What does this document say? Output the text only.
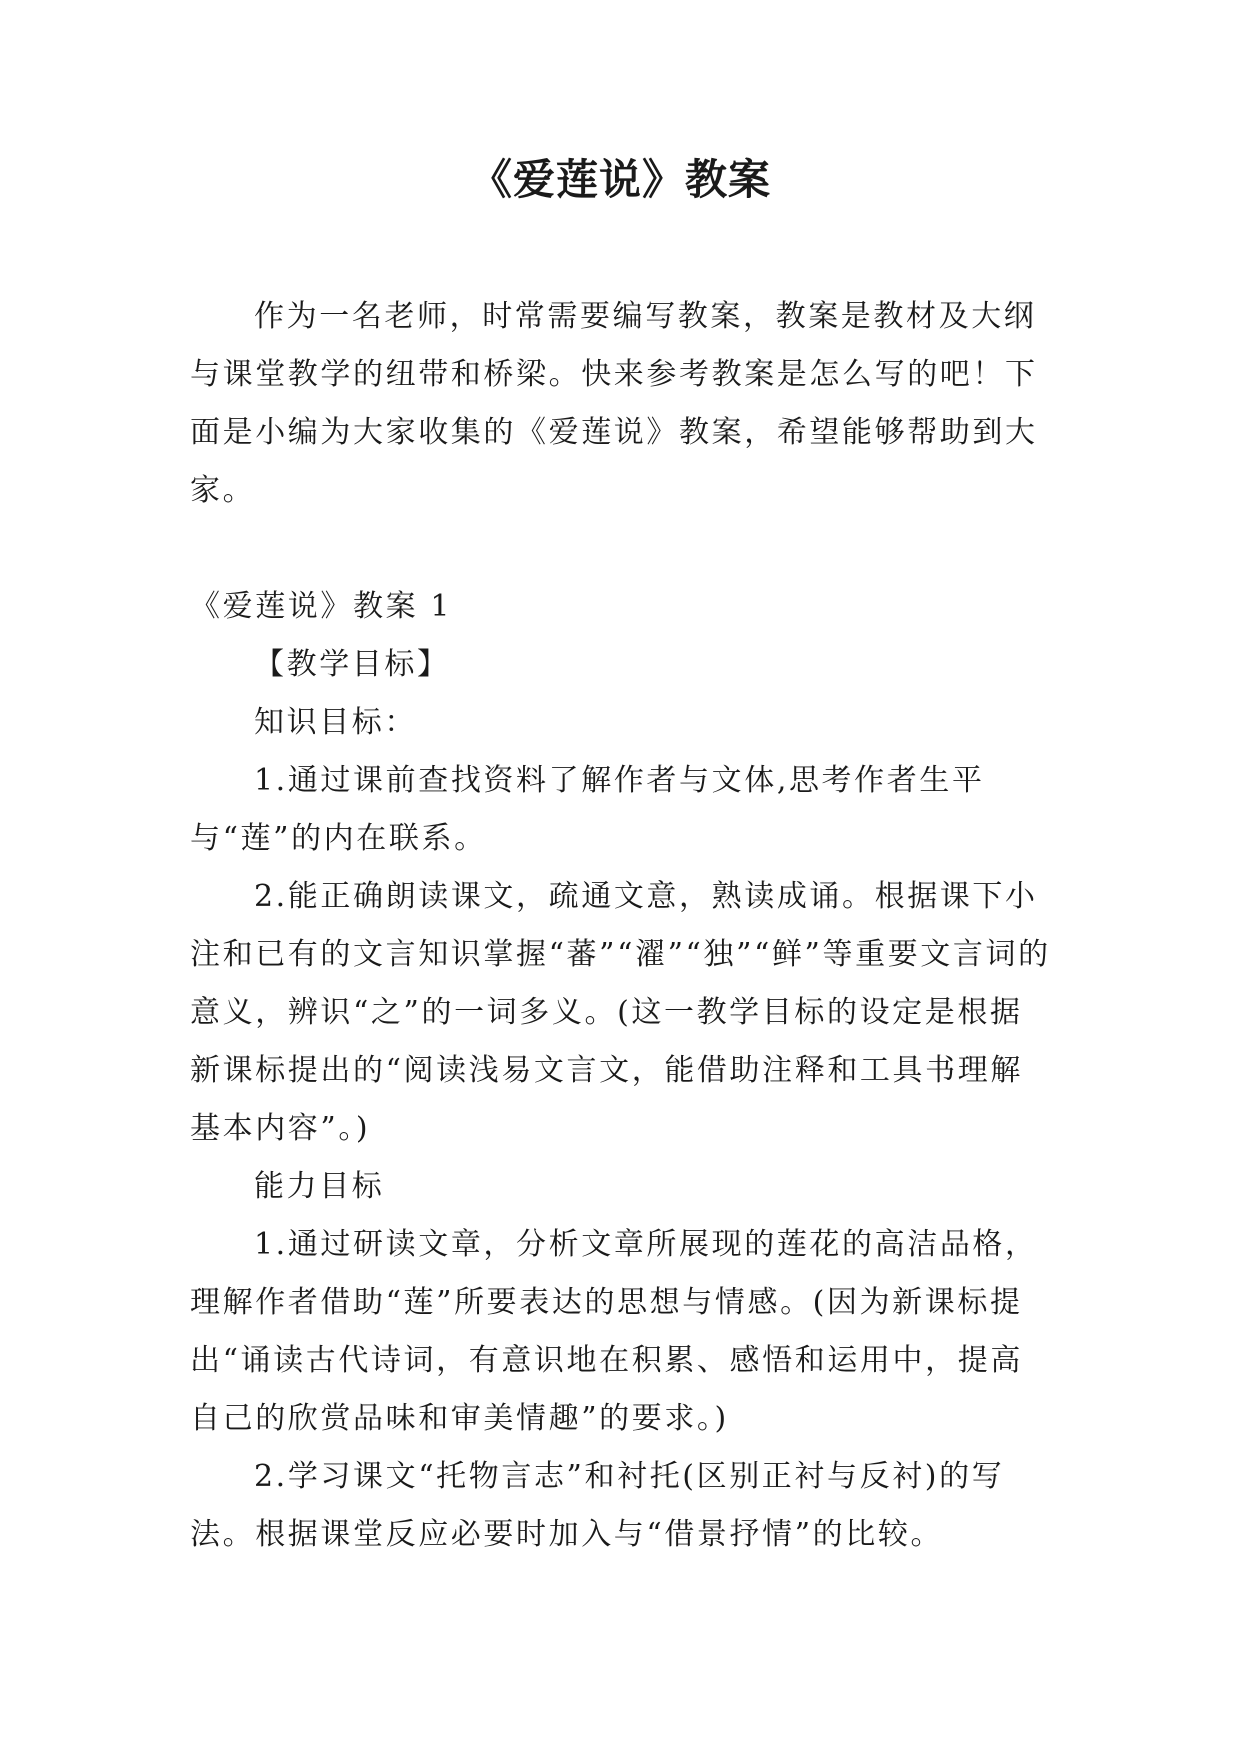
《爱莲说》教案

作为一名老师，时常需要编写教案，教案是教材及大纲与课堂教学的纽带和桥梁。快来参考教案是怎么写的吧！下面是小编为大家收集的《爱莲说》教案，希望能够帮助到大家。

《爱莲说》教案 1

【教学目标】

知识目标：

1.通过课前查找资料了解作者与文体,思考作者生平与“莲”的内在联系。

2.能正确朗读课文，疏通文意，熟读成诵。根据课下小注和已有的文言知识掌握“蕃”“濯”“独”“鲜”等重要文言词的意义，辨识“之”的一词多义。(这一教学目标的设定是根据新课标提出的“阅读浅易文言文，能借助注释和工具书理解基本内容”。)

能力目标

1.通过研读文章，分析文章所展现的莲花的高洁品格，理解作者借助“莲”所要表达的思想与情感。(因为新课标提出“诵读古代诗词，有意识地在积累、感悟和运用中，提高自己的欣赏品味和审美情趣”的要求。)

2.学习课文“托物言志”和衬托(区别正衬与反衬)的写法。根据课堂反应必要时加入与“借景抒情”的比较。
